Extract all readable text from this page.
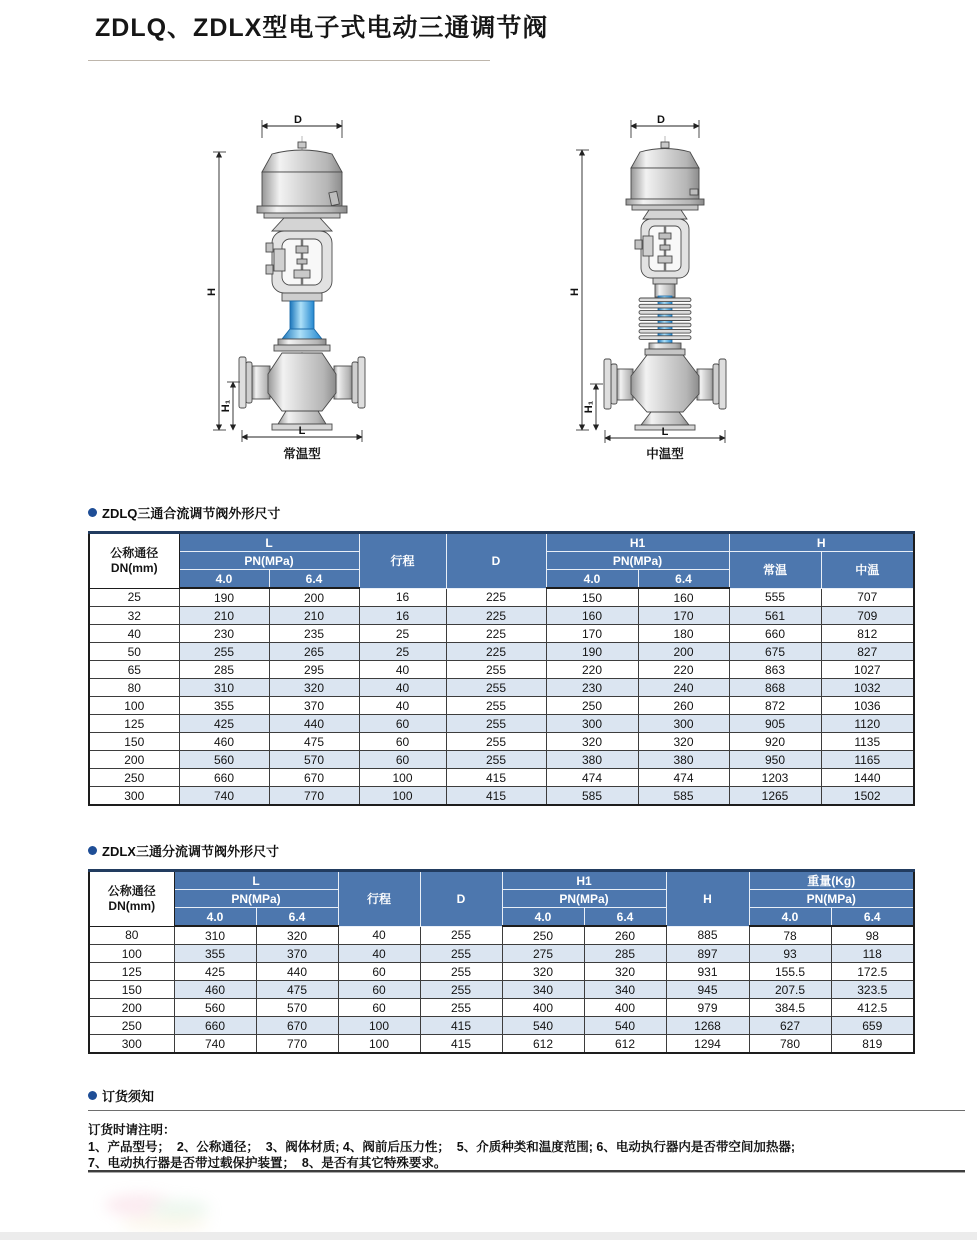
ZDLQ、ZDLX型电子式电动三通调节阀
D
H
H₁
L
常温型
D
H
H₁
L
中温型
ZDLQ三通合流调节阀外形尺寸
公称通径
DN(mm)	L		行程	D	H1		H	
	PN(MPa)				PN(MPa)		常温	中温
	4.0	6.4			4.0	6.4		
25	190	200	16	225	150	160	555	707
32	210	210	16	225	160	170	561	709
40	230	235	25	225	170	180	660	812
50	255	265	25	225	190	200	675	827
65	285	295	40	255	220	220	863	1027
80	310	320	40	255	230	240	868	1032
100	355	370	40	255	250	260	872	1036
125	425	440	60	255	300	300	905	1120
150	460	475	60	255	320	320	920	1135
200	560	570	60	255	380	380	950	1165
250	660	670	100	415	474	474	1203	1440
300	740	770	100	415	585	585	1265	1502
ZDLX三通分流调节阀外形尺寸
公称通径
DN(mm)	L		行程	D	H1		H	重量(Kg)	
	PN(MPa)				PN(MPa)			PN(MPa)	
	4.0	6.4			4.0	6.4		4.0	6.4
80	310	320	40	255	250	260	885	78	98
100	355	370	40	255	275	285	897	93	118
125	425	440	60	255	320	320	931	155.5	172.5
150	460	475	60	255	340	340	945	207.5	323.5
200	560	570	60	255	400	400	979	384.5	412.5
250	660	670	100	415	540	540	1268	627	659
300	740	770	100	415	612	612	1294	780	819
订货须知
订货时请注明：
1、产品型号；  2、公称通径；  3、阀体材质; 4、阀前后压力性；  5、介质种类和温度范围; 6、电动执行器内是否带空间加热器;
7、电动执行器是否带过载保护装置；  8、是否有其它特殊要求。
